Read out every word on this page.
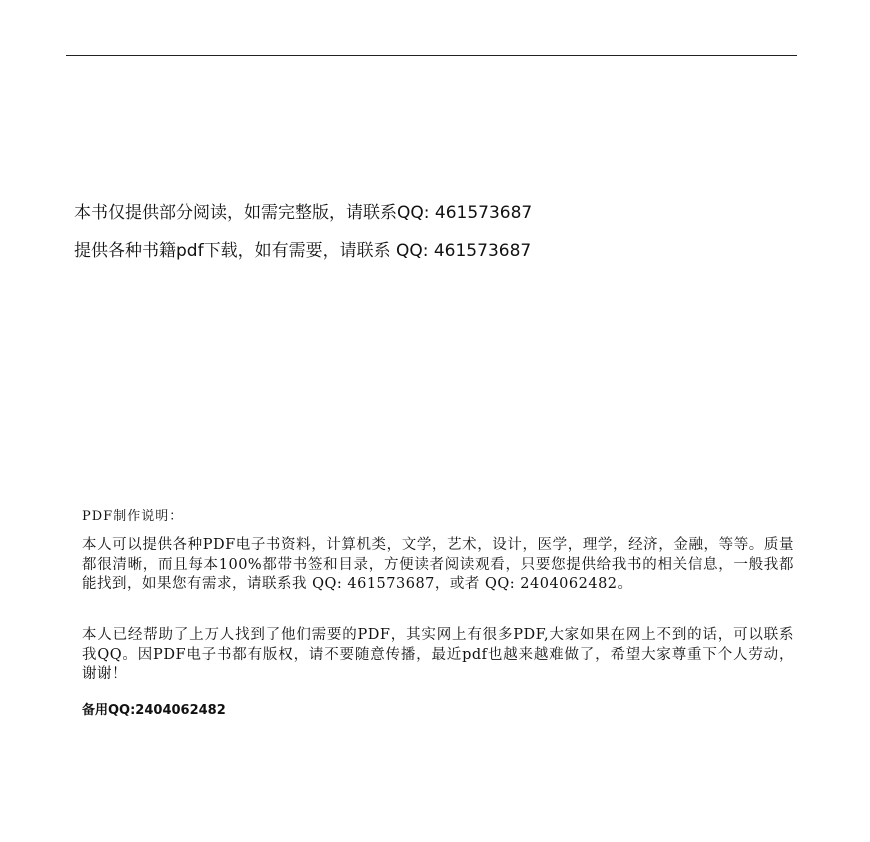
本书仅提供部分阅读，如需完整版，请联系QQ: 461573687
提供各种书籍pdf下载，如有需要，请联系 QQ: 461573687
PDF制作说明：
本人可以提供各种PDF电子书资料，计算机类，文学，艺术，设计，医学，理学，经济，金融，等等。质量都很清晰，而且每本100%都带书签和目录，方便读者阅读观看，只要您提供给我书的相关信息，一般我都能找到，如果您有需求，请联系我 QQ: 461573687，或者 QQ: 2404062482。
本人已经帮助了上万人找到了他们需要的PDF，其实网上有很多PDF,大家如果在网上不到的话，可以联系我QQ。因PDF电子书都有版权，请不要随意传播，最近pdf也越来越难做了，希望大家尊重下个人劳动，谢谢！
备用QQ:2404062482
